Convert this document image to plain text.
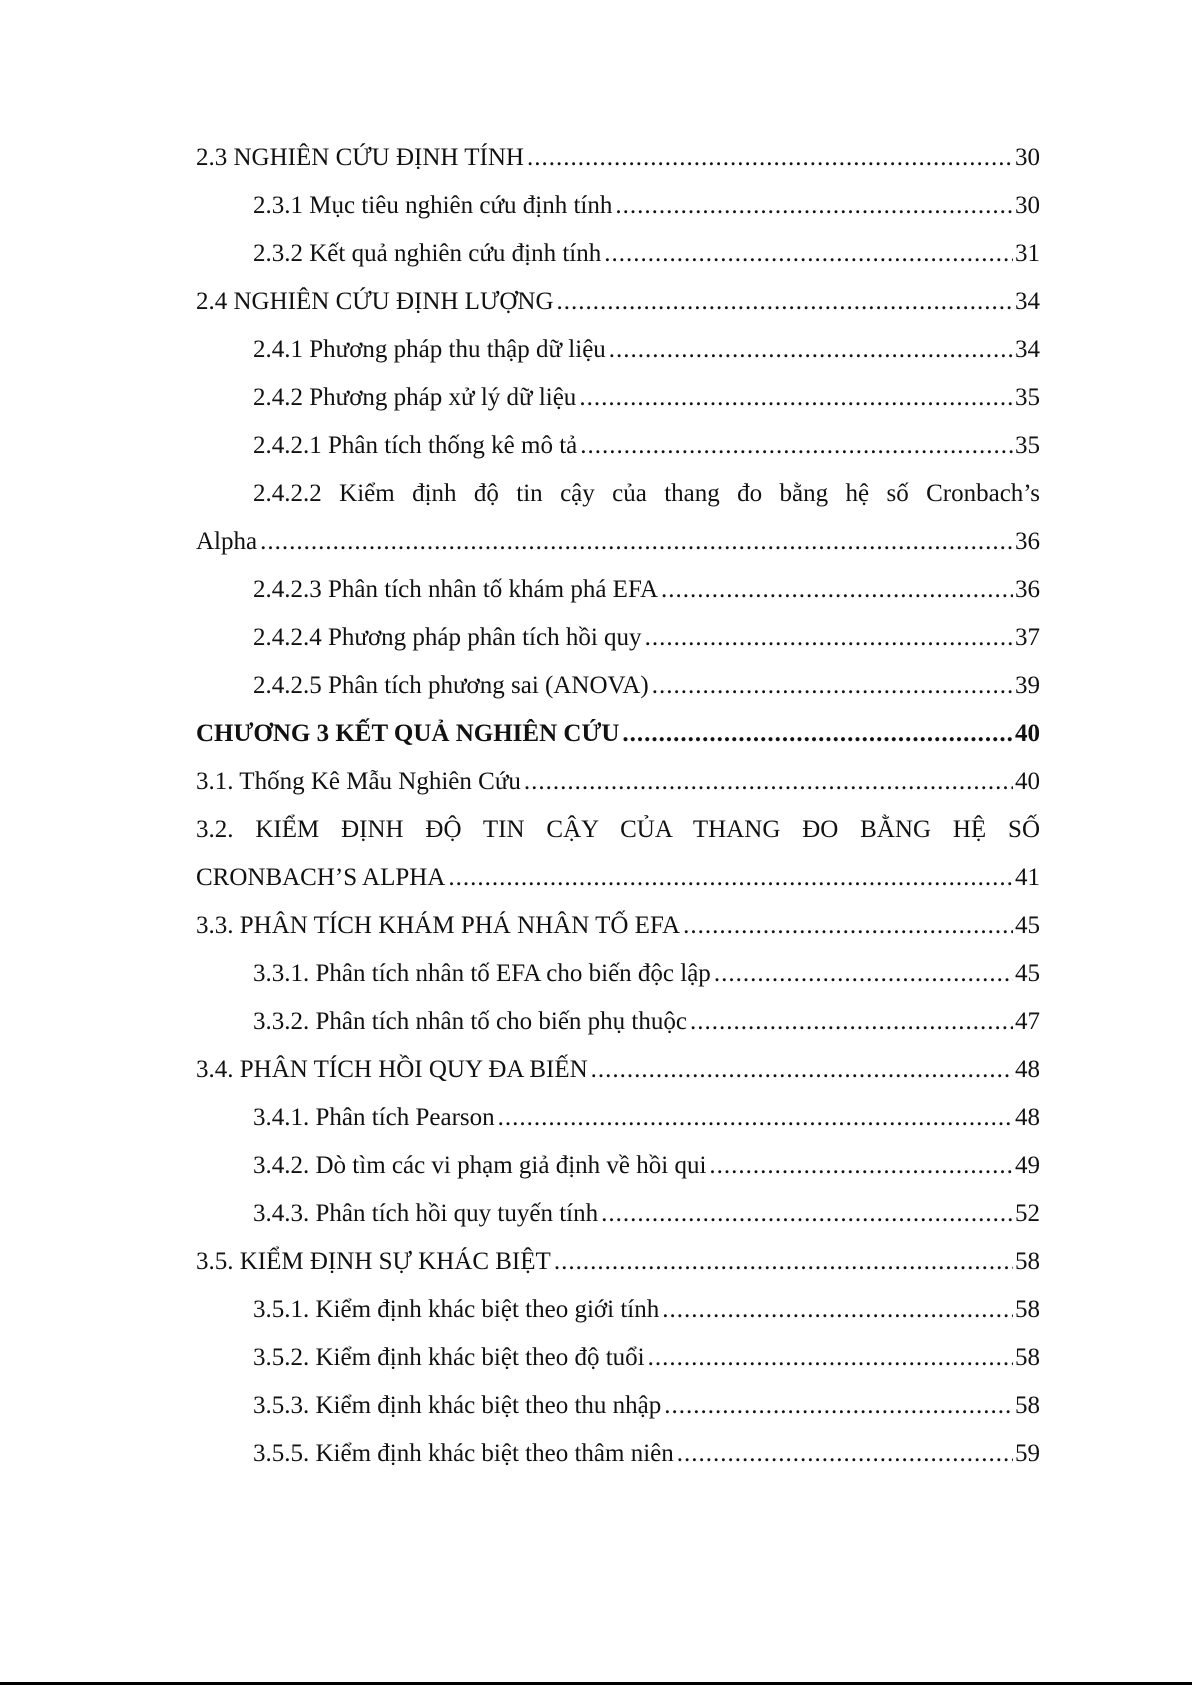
2.3 NGHIÊN CỨU ĐỊNH TÍNH .....	30
2.3.1 Mục tiêu nghiên cứu định tính .....	30
2.3.2 Kết quả nghiên cứu định tính .....	31
2.4 NGHIÊN CỨU ĐỊNH LƯỢNG .....	34
2.4.1 Phương pháp thu thập dữ liệu .....	34
2.4.2 Phương pháp xử lý dữ liệu .....	35
2.4.2.1 Phân tích thống kê mô tả .....	35
2.4.2.2 Kiểm định độ tin cậy của thang đo bằng hệ số Cronbach’s
Alpha .....	36
2.4.2.3 Phân tích nhân tố khám phá EFA .....	36
2.4.2.4 Phương pháp phân tích hồi quy .....	37
2.4.2.5 Phân tích phương sai (ANOVA) .....	39
CHƯƠNG 3 KẾT QUẢ NGHIÊN CỨU .....	40
3.1. Thống Kê Mẫu Nghiên Cứu .....	40
3.2. KIỂM ĐỊNH ĐỘ TIN CẬY CỦA THANG ĐO BẰNG HỆ SỐ
CRONBACH’S ALPHA .....	41
3.3. PHÂN TÍCH KHÁM PHÁ NHÂN TỐ EFA .....	45
3.3.1. Phân tích nhân tố EFA cho biến độc lập .....	45
3.3.2. Phân tích nhân tố cho biến phụ thuộc .....	47
3.4. PHÂN TÍCH HỒI QUY ĐA BIẾN .....	48
3.4.1. Phân tích Pearson .....	48
3.4.2. Dò tìm các vi phạm giả định về hồi qui .....	49
3.4.3. Phân tích hồi quy tuyến tính .....	52
3.5. KIỂM ĐỊNH SỰ KHÁC BIỆT .....	58
3.5.1. Kiểm định khác biệt theo giới tính .....	58
3.5.2. Kiểm định khác biệt theo độ tuổi .....	58
3.5.3. Kiểm định khác biệt theo thu nhập .....	58
3.5.5. Kiểm định khác biệt theo thâm niên .....	59
